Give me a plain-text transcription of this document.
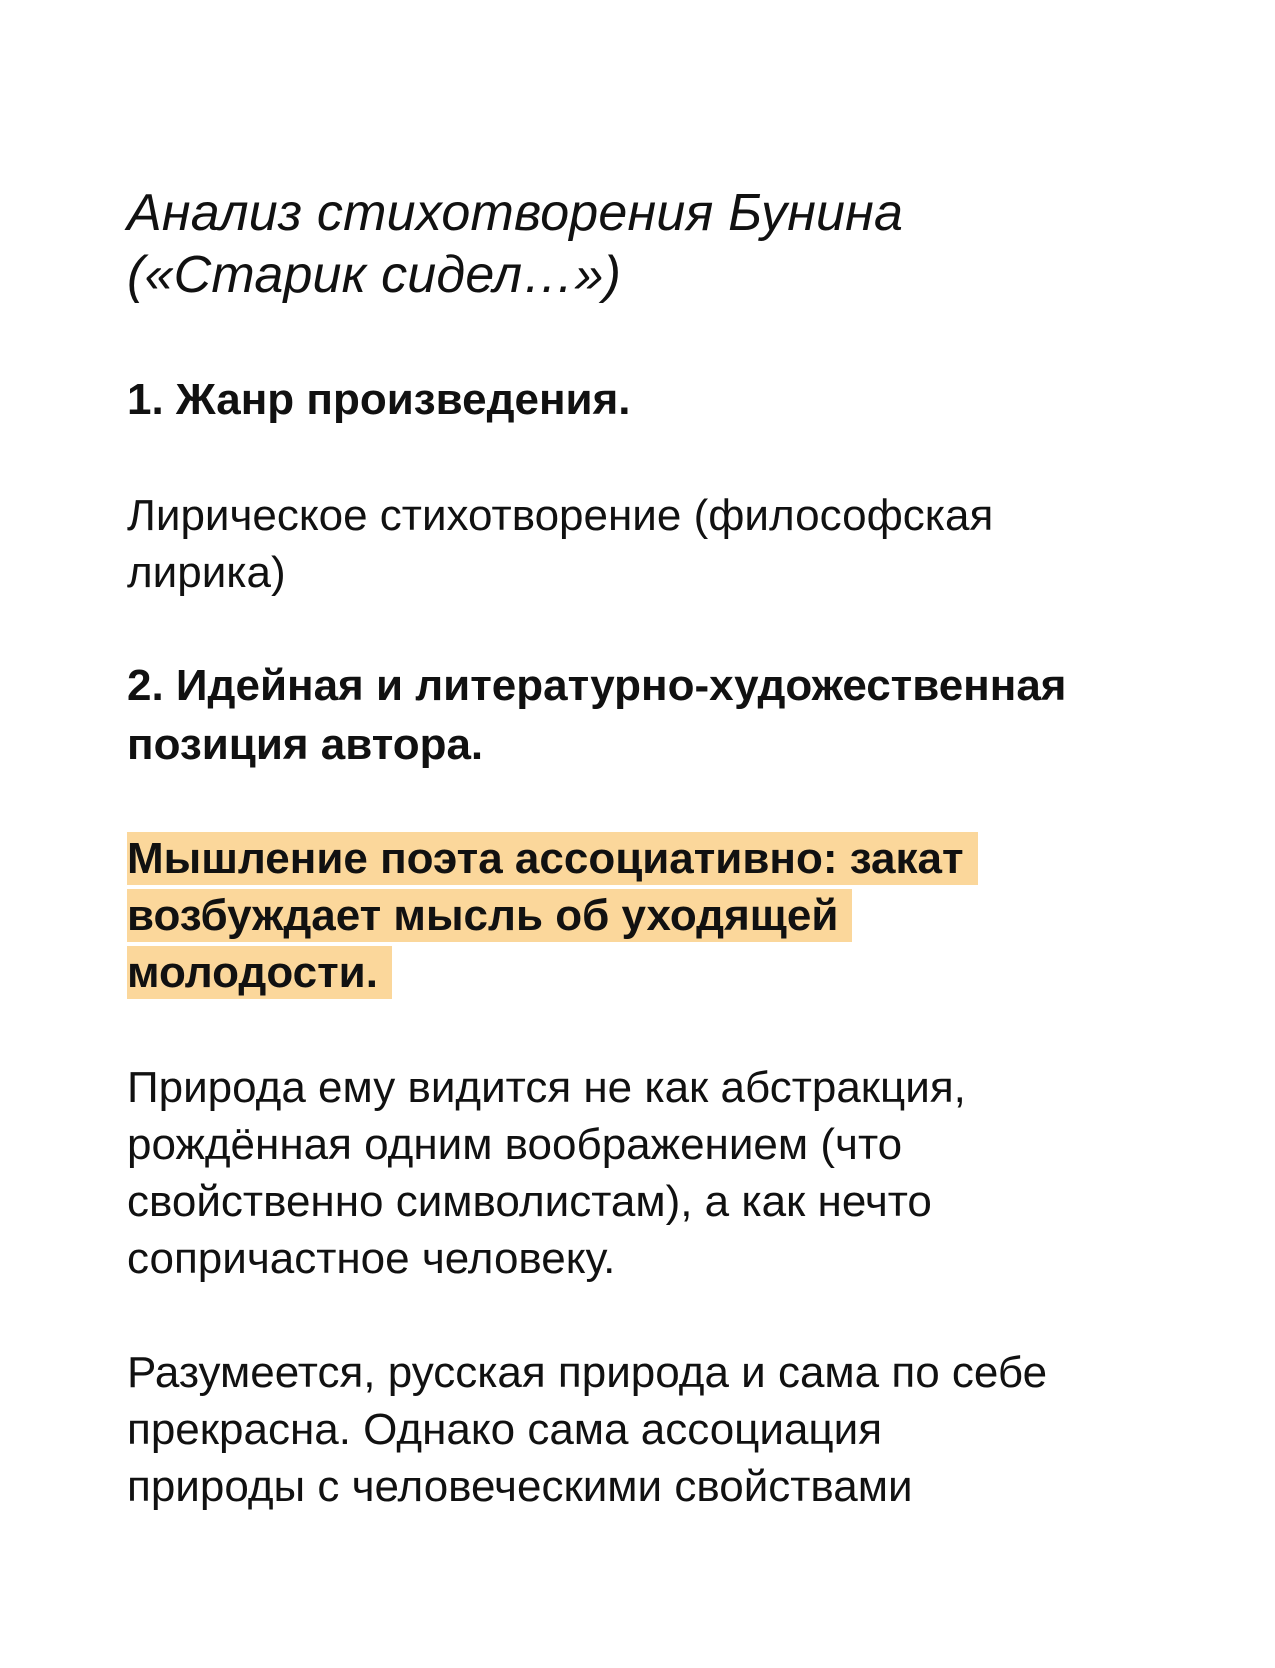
Анализ стихотворения Бунина
(«Старик сидел…»)
1. Жанр произведения.

Лирическое стихотворение (философская
лирика)

2. Идейная и литературно-художественная
позиция автора.

Мышление поэта ассоциативно: закат
возбуждает мысль об уходящей
молодости.

Природа ему видится не как абстракция,
рождённая одним воображением (что
свойственно символистам), а как нечто
сопричастное человеку.

Разумеется, русская природа и сама по себе
прекрасна. Однако сама ассоциация
природы с человеческими свойствами
